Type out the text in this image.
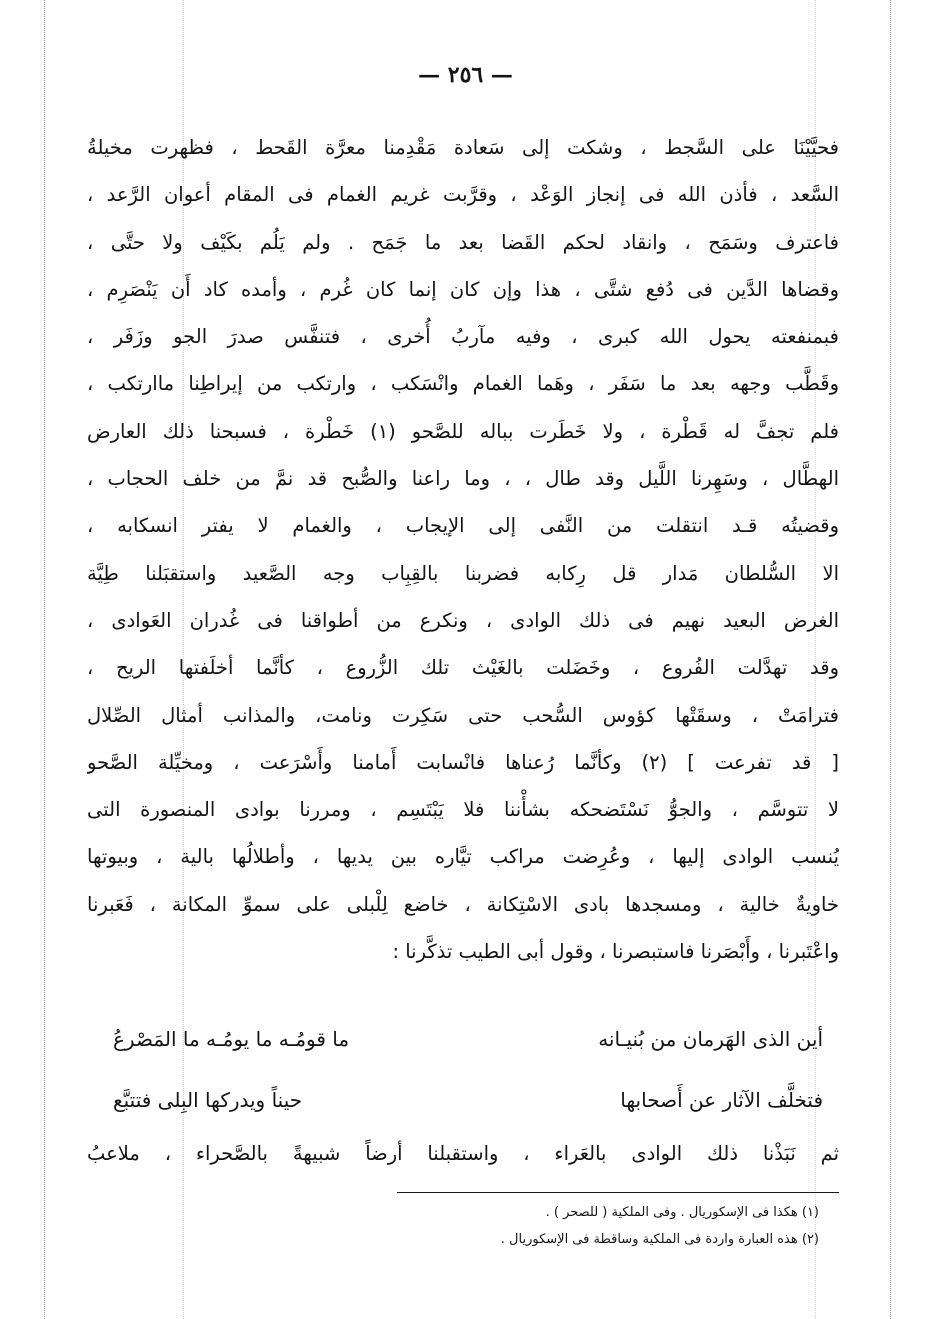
— ٢٥٦ —
فحيَّيْنَا على السَّجط ، وشكت إلى سَعادة مَقْدِمنا معرَّة القَحط ، فظهرت مخيلةُ
السَّعد ، فأذن الله فى إنجاز الوَعْد ، وقرَّبت غريم الغمام فى المقام أعوان الرَّعد ،
فاعترف وسَمَح ، وانقاد لحكم القَضا بعد ما جَمَح . ولم يَلُم بكَيْف ولا حتَّى ،
وقضاها الدَّين فى دُفع شتَّى ، هذا وإن كان إنما كان غُرم ، وأمده كاد أَن يَنْصَرِم ،
فبمنفعته يحول الله كبرى ، وفيه مآربُ أُخرى ، فتنفَّس صدرَ الجو وزَفَر ،
وقَطَّب وجهه بعد ما سَفَر ، وهَما الغمام وانْسَكب ، وارتكب من إيراطِنا ماارتكب ،
فلم تجفَّ له قَطْرة ، ولا خَطَرت بباله للصَّحو (١) خَطْرة ، فسبحنا ذلك العارض
الهطَّال ، وسَهِرنا اللَّيل وقد طال ، ، وما راعنا والصُّبح قد نمَّ من خلف الحجاب ،
وقضيتُه قـد انتقلت من النَّفى إلى الإيجاب ، والغمام لا يفتر انسكابه ،
الا السُّلطان مَدار قل رِكابه فضربنا بالقِبِاب وجه الصَّعيد واستقبَلنا طِيَّة
الغرض البعيد نهيم فى ذلك الوادى ، ونكرع من أطواقنا فى غُدران العَوادى ،
وقد تهدَّلت الفُروع ، وخَضَلت بالغَيْث تلك الزُّروع ، كأنَّما أخلَفتها الريح ،
فترامَتْ ، وسقَتْها كؤوس السُّحب حتى سَكِرت ونامت، والمذانب أمثال الصِّلال
[ قد تفرعت ] (٢) وكأنَّما رُعناها فانْسابت أَمامنا وأَسْرَعت ، ومخيِّلة الصَّحو
لا تتوسَّم ، والجوُّ نَسْتَضحكه بشأْننا فلا يَبْتَسِم ، ومررنا بوادى المنصورة التى
يُنسب الوادى إليها ، وعُرِضت مراكب تيَّاره بين يديها ، وأطلالُها بالية ، وبيوتها
خاويةٌ خالية ، ومسجدها بادى الاسْتِكانة ، خاضع لِلْبلى على سموِّ المكانة ، فَعَبرنا
واعْتَبرنا ، وأَبْصَرنا فاستبصرنا ، وقول أبى الطيب تذكَّرنا :
أين الذى الهَرمان من بُنيـانه
ما قومُـه ما يومُـه ما المَصْرعُ
فتخلَّف الآثار عن أَصحابها
حيناً ويدركها البِلى فتتبَّع
ثم نَبَذْنا ذلك الوادى بالعَراء ، واستقبلنا أرضاً شبيهةً بالصَّحراء ، ملاعبُ
(١) هكذا فى الإسكوريال . وفى الملكية ( للصحر ) .
(٢) هذه العبارة واردة فى الملكية وساقطة فى الإسكوريال .
